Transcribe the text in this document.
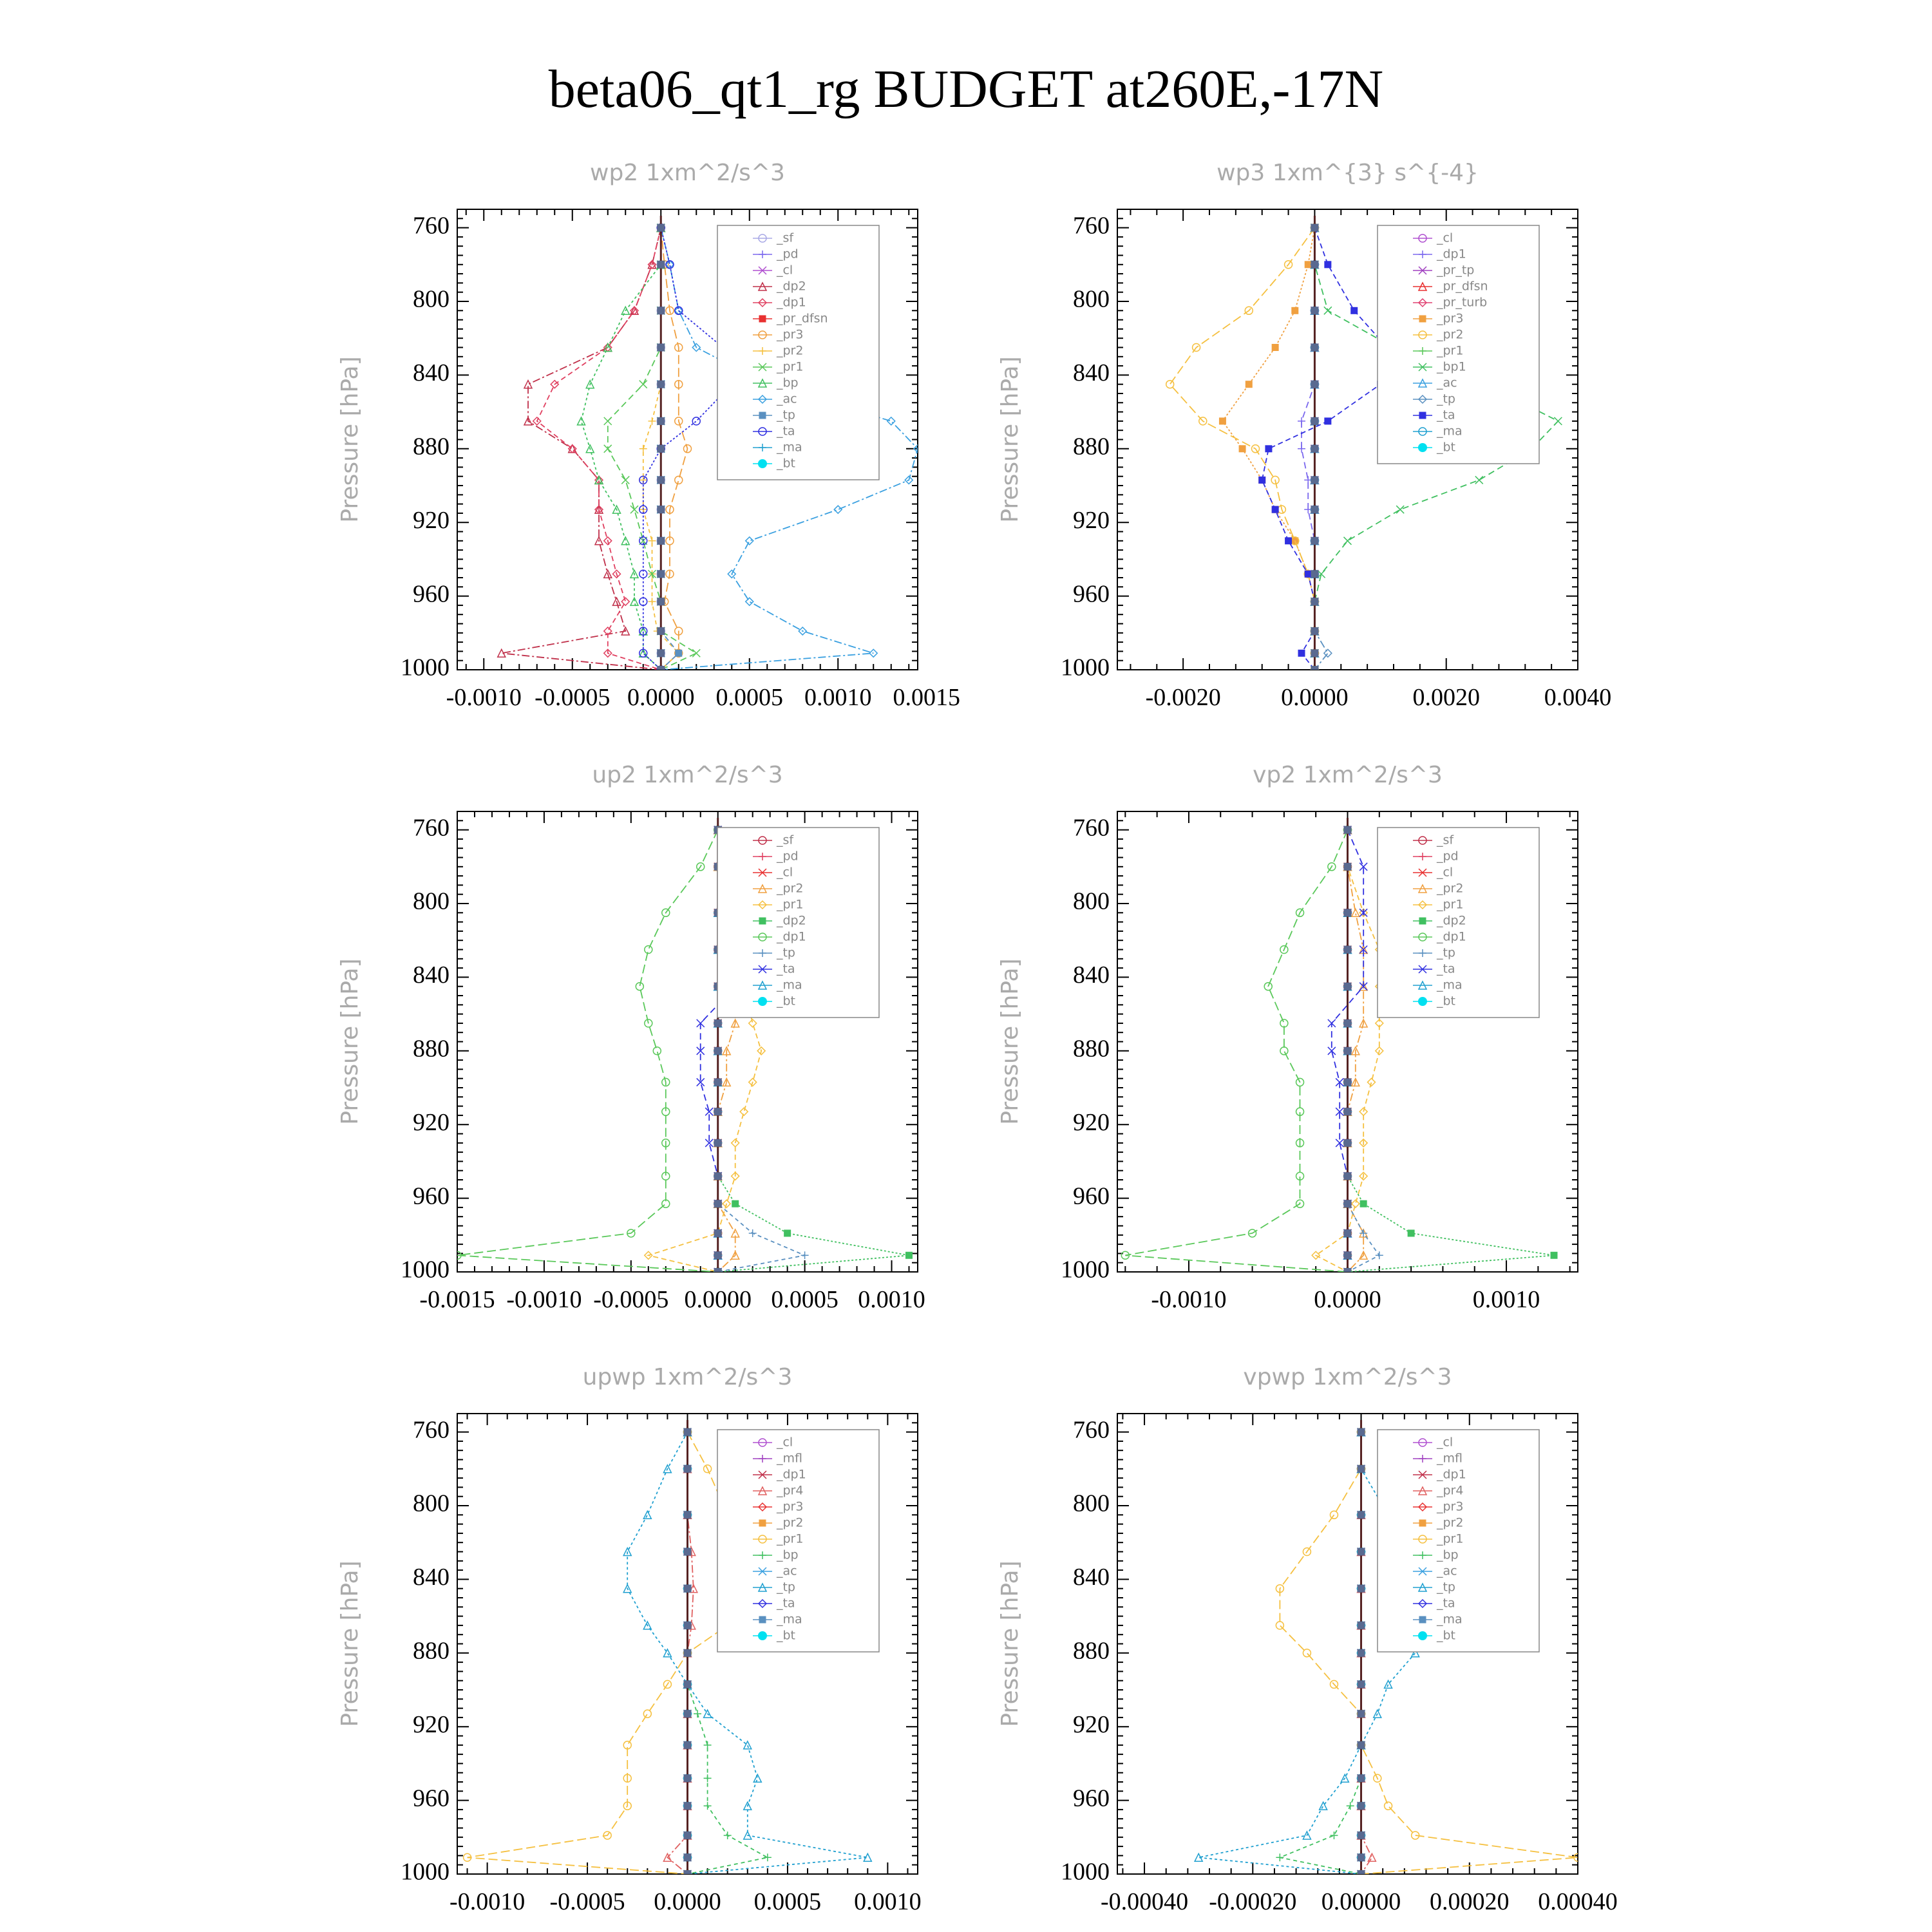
beta06_qt1_rg BUDGET at260E,-17N
wp2 1xm^2/s^3
Pressure [hPa]
760
800
840
880
920
960
1000
-0.0010 -0.0005 0.0000 0.0005 0.0010 0.0015
_sf
_pd
_cl
_dp2
_dp1
_pr_dfsn
_pr3
_pr2
_pr1
_bp
_ac
_tp
_ta
_ma
_bt
wp3 1xm^{3} s^{-4}
Pressure [hPa]
760
800
840
880
920
960
1000
-0.0020 0.0000	0.0020	0.0040
_cl
_dp1
_pr_tp
_pr_dfsn
_pr_turb
_pr3
_pr2
_pr1
_bp1
_ac
_tp
_ta
_ma
_bt
up2 1xm^2/s^3
Pressure [hPa]
760
800
840
880
920
960
1000
-0.0015 -0.0010 -0.0005 0.0000 0.0005 0.0010
_sf
_pd
_cl
_pr2
_pr1
_dp2
_dp1
_tp
_ta
_ma
_bt
vp2 1xm^2/s^3
Pressure [hPa]
760
800
840
880
920
960
1000
-0.0010	0.0000	0.0010
_sf
_pd
_cl
_pr2
_pr1
_dp2
_dp1
_tp
_ta
_ma
_bt
upwp 1xm^2/s^3
Pressure [hPa]
760
800
840
880
920
960
1000
-0.0010 -0.0005 0.0000 0.0005 0.0010
_cl
_mfl
_dp1
_pr4
_pr3
_pr2
_pr1
_bp
_ac
_tp
_ta
_ma
_bt
vpwp 1xm^2/s^3
Pressure [hPa]
760
800
840
880
920
960
1000
-0.00040 -0.00020 0.00000 0.00020 0.00040
_cl
_mfl
_dp1
_pr4
_pr3
_pr2
_pr1
_bp
_ac
_tp
_ta
_ma
_bt
